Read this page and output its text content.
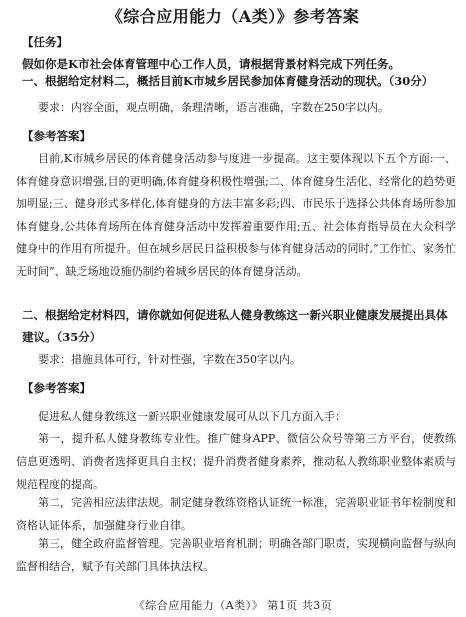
《综合应用能力（A类）》参考答案
【任务】
假如你是K市社会体育管理中心工作人员，请根据背景材料完成下列任务。
一、根据给定材料二，概括目前K市城乡居民参加体育健身活动的现状。（30分）
要求：内容全面，观点明确，条理清晰，语言准确，字数在250字以内。
【参考答案】
目前,K市城乡居民的体育健身活动参与度进一步提高。这主要体现以下五个方面:一、体育健身意识增强,目的更明确,体育健身积极性增强;二、体育健身生活化、经常化的趋势更加明显;三、健身形式多样化,体育健身的方法丰富多彩;四、市民乐于选择公共体育场所参加体育健身,公共体育场所在体育健身活动中发挥着重要作用;五、社会体育指导员在大众科学健身中的作用有所提升。但在城乡居民日益积极参与体育健身活动的同时,“工作忙、家务忙无时间”、缺乏场地设施仍制约着城乡居民的体育健身活动。
二、根据给定材料四，请你就如何促进私人健身教练这一新兴职业健康发展提出具体建议。（35分）
要求：措施具体可行，针对性强，字数在350字以内。
【参考答案】
促进私人健身教练这一新兴职业健康发展可从以下几方面入手：
第一，提升私人健身教练专业性。推广健身APP、微信公众号等第三方平台，使教练信息更透明、消费者选择更具自主权；提升消费者健身素养，推动私人教练职业整体素质与规范程度的提高。
第二，完善相应法律法规。制定健身教练资格认证统一标准，完善职业证书年检制度和资格认证体系，加强健身行业自律。
第三，健全政府监督管理。完善职业培育机制；明确各部门职责，实现横向监督与纵向监督相结合，赋予有关部门具体执法权。
《综合应用能力（A类）》 第1页 共3页
